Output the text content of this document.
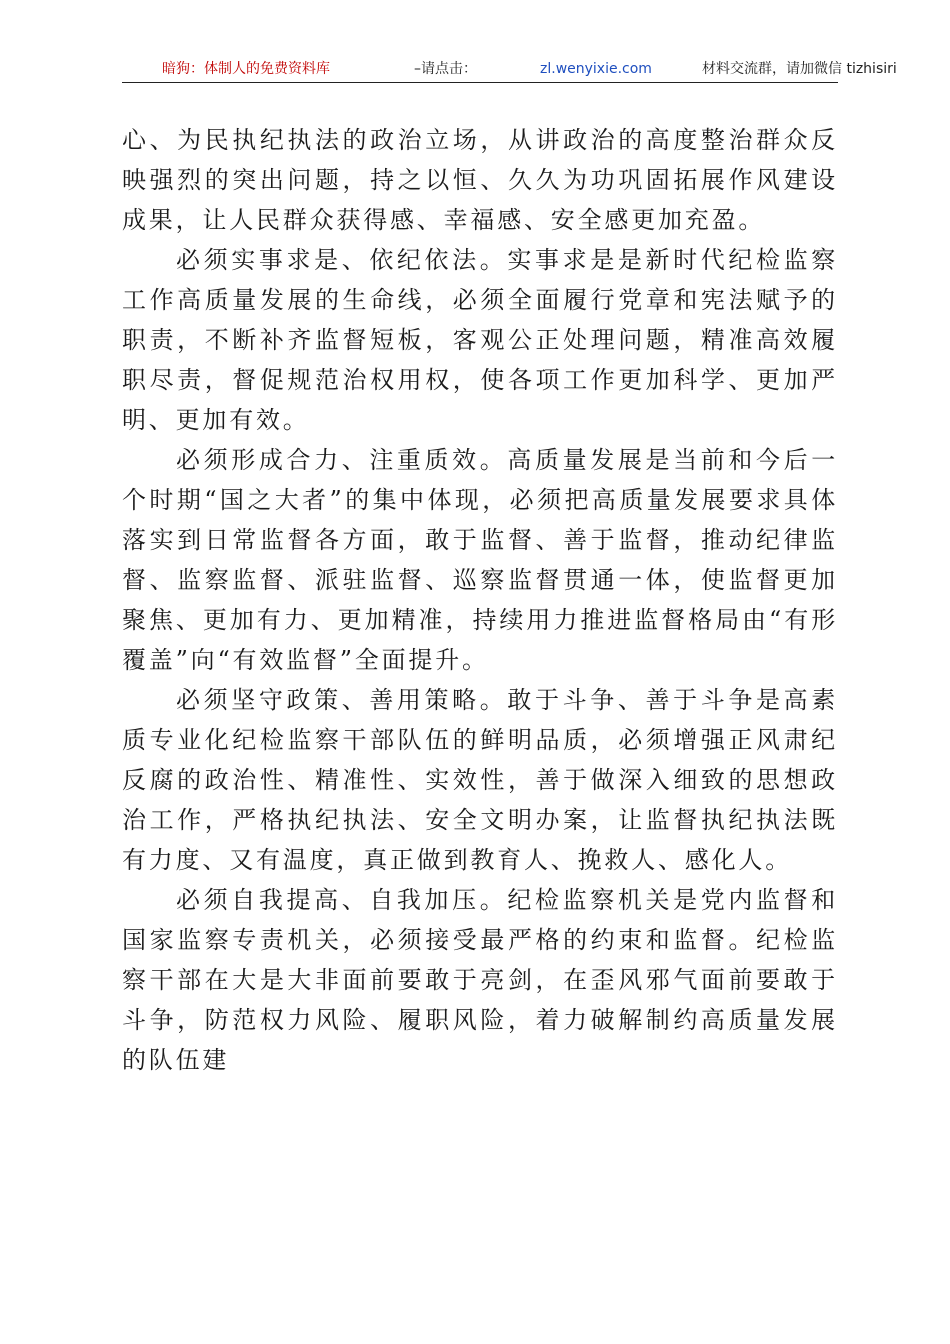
暗狗：体制人的免费资料库	–请点击：	zl.wenyixie.com	材料交流群，请加微信 tizhisiri

心、为民执纪执法的政治立场，从讲政治的高度整治群众反映强烈的突出问题，持之以恒、久久为功巩固拓展作风建设成果，让人民群众获得感、幸福感、安全感更加充盈。

必须实事求是、依纪依法。实事求是是新时代纪检监察工作高质量发展的生命线，必须全面履行党章和宪法赋予的职责，不断补齐监督短板，客观公正处理问题，精准高效履职尽责，督促规范治权用权，使各项工作更加科学、更加严明、更加有效。

必须形成合力、注重质效。高质量发展是当前和今后一个时期“国之大者”的集中体现，必须把高质量发展要求具体落实到日常监督各方面，敢于监督、善于监督，推动纪律监督、监察监督、派驻监督、巡察监督贯通一体，使监督更加聚焦、更加有力、更加精准，持续用力推进监督格局由“有形覆盖”向“有效监督”全面提升。

必须坚守政策、善用策略。敢于斗争、善于斗争是高素质专业化纪检监察干部队伍的鲜明品质，必须增强正风肃纪反腐的政治性、精准性、实效性，善于做深入细致的思想政治工作，严格执纪执法、安全文明办案，让监督执纪执法既有力度、又有温度，真正做到教育人、挽救人、感化人。

必须自我提高、自我加压。纪检监察机关是党内监督和国家监察专责机关，必须接受最严格的约束和监督。纪检监察干部在大是大非面前要敢于亮剑，在歪风邪气面前要敢于斗争，防范权力风险、履职风险，着力破解制约高质量发展的队伍建
